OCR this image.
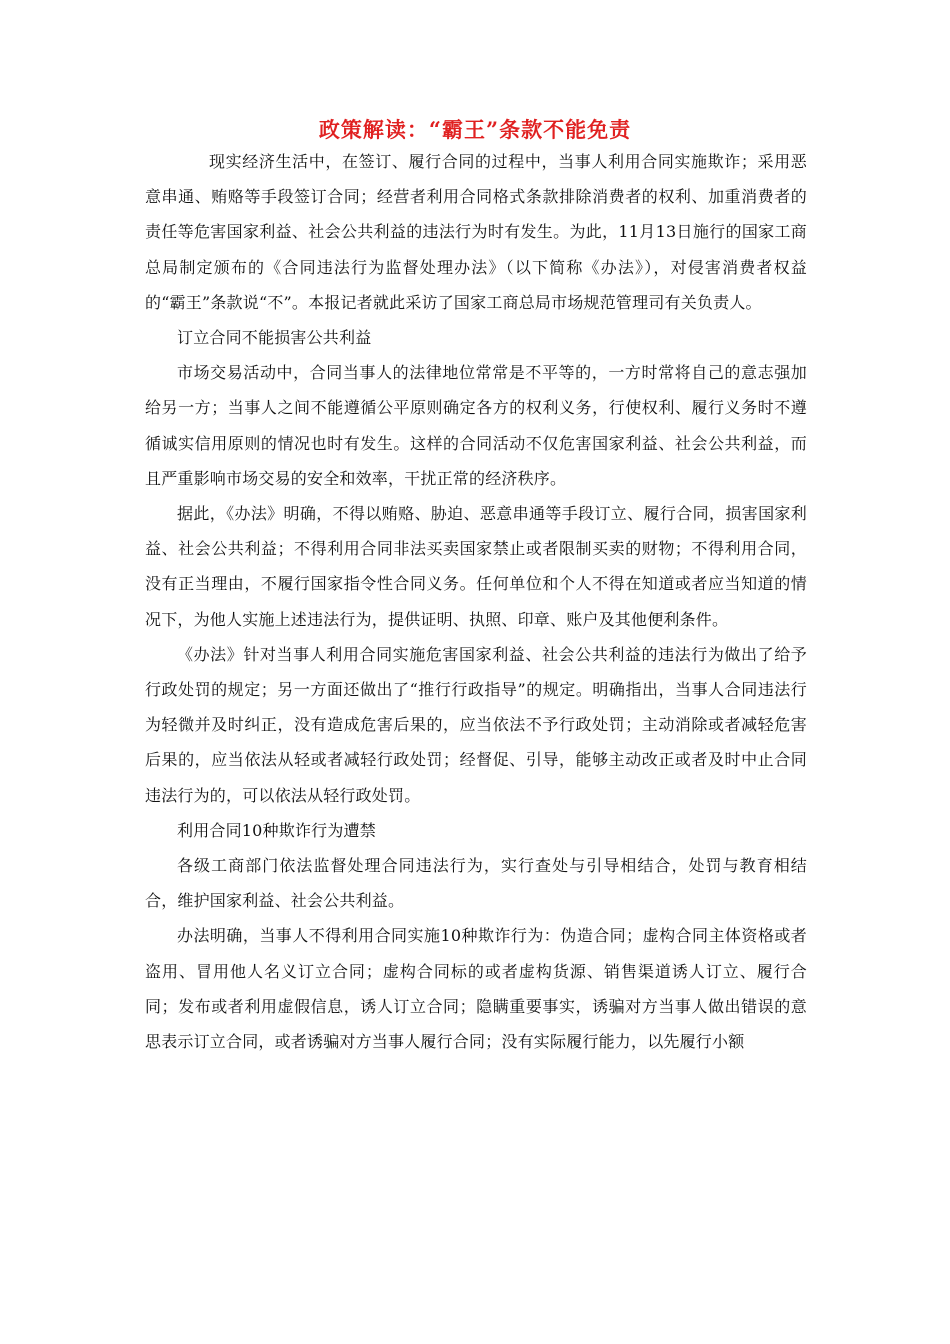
政策解读：“霸王”条款不能免责

现实经济生活中，在签订、履行合同的过程中，当事人利用合同实施欺诈；采用恶意串通、贿赂等手段签订合同；经营者利用合同格式条款排除消费者的权利、加重消费者的责任等危害国家利益、社会公共利益的违法行为时有发生。为此，11月13日施行的国家工商总局制定颁布的《合同违法行为监督处理办法》（以下简称《办法》），对侵害消费者权益的“霸王”条款说“不”。本报记者就此采访了国家工商总局市场规范管理司有关负责人。

订立合同不能损害公共利益

市场交易活动中，合同当事人的法律地位常常是不平等的，一方时常将自己的意志强加给另一方；当事人之间不能遵循公平原则确定各方的权利义务，行使权利、履行义务时不遵循诚实信用原则的情况也时有发生。这样的合同活动不仅危害国家利益、社会公共利益，而且严重影响市场交易的安全和效率，干扰正常的经济秩序。

据此，《办法》明确，不得以贿赂、胁迫、恶意串通等手段订立、履行合同，损害国家利益、社会公共利益；不得利用合同非法买卖国家禁止或者限制买卖的财物；不得利用合同，没有正当理由，不履行国家指令性合同义务。任何单位和个人不得在知道或者应当知道的情况下，为他人实施上述违法行为，提供证明、执照、印章、账户及其他便利条件。

《办法》针对当事人利用合同实施危害国家利益、社会公共利益的违法行为做出了给予行政处罚的规定；另一方面还做出了“推行行政指导”的规定。明确指出，当事人合同违法行为轻微并及时纠正，没有造成危害后果的，应当依法不予行政处罚；主动消除或者减轻危害后果的，应当依法从轻或者减轻行政处罚；经督促、引导，能够主动改正或者及时中止合同违法行为的，可以依法从轻行政处罚。

利用合同10种欺诈行为遭禁

各级工商部门依法监督处理合同违法行为，实行查处与引导相结合，处罚与教育相结合，维护国家利益、社会公共利益。

办法明确，当事人不得利用合同实施10种欺诈行为：伪造合同；虚构合同主体资格或者盗用、冒用他人名义订立合同；虚构合同标的或者虚构货源、销售渠道诱人订立、履行合同；发布或者利用虚假信息，诱人订立合同；隐瞒重要事实，诱骗对方当事人做出错误的意思表示订立合同，或者诱骗对方当事人履行合同；没有实际履行能力，以先履行小额
